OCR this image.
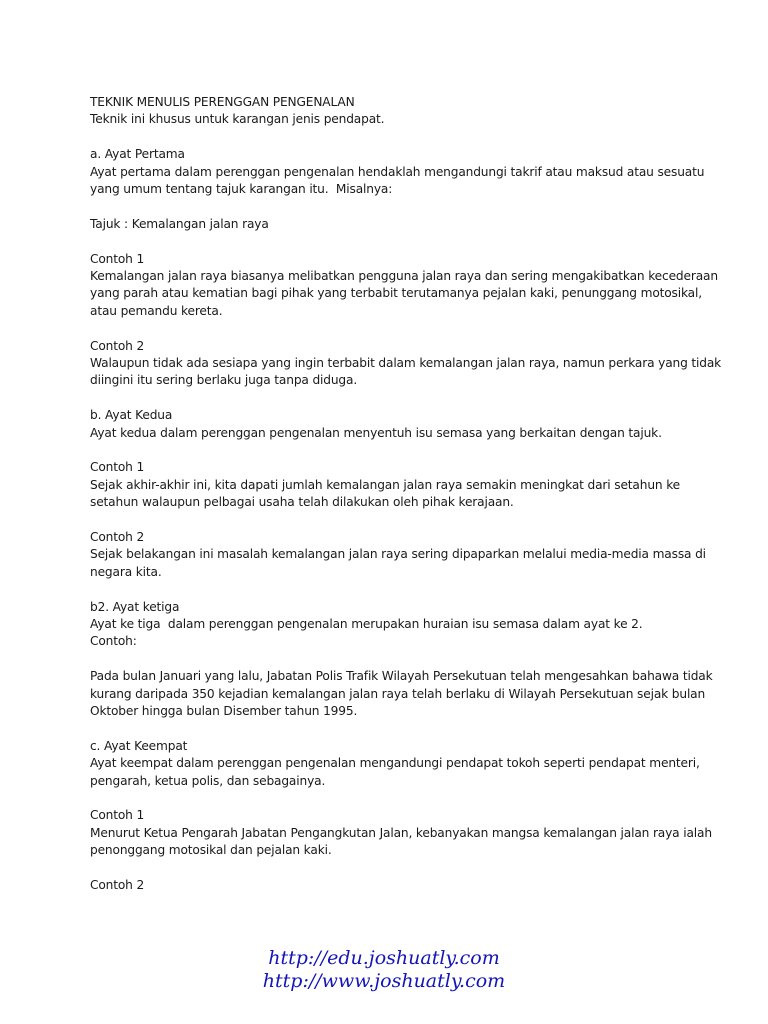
TEKNIK MENULIS PERENGGAN PENGENALAN
Teknik ini khusus untuk karangan jenis pendapat.
a. Ayat Pertama
Ayat pertama dalam perenggan pengenalan hendaklah mengandungi takrif atau maksud atau sesuatu
yang umum tentang tajuk karangan itu.  Misalnya:
Tajuk : Kemalangan jalan raya
Contoh 1
Kemalangan jalan raya biasanya melibatkan pengguna jalan raya dan sering mengakibatkan kecederaan
yang parah atau kematian bagi pihak yang terbabit terutamanya pejalan kaki, penunggang motosikal,
atau pemandu kereta.
Contoh 2
Walaupun tidak ada sesiapa yang ingin terbabit dalam kemalangan jalan raya, namun perkara yang tidak
diingini itu sering berlaku juga tanpa diduga.
b. Ayat Kedua
Ayat kedua dalam perenggan pengenalan menyentuh isu semasa yang berkaitan dengan tajuk.
Contoh 1
Sejak akhir-akhir ini, kita dapati jumlah kemalangan jalan raya semakin meningkat dari setahun ke
setahun walaupun pelbagai usaha telah dilakukan oleh pihak kerajaan.
Contoh 2
Sejak belakangan ini masalah kemalangan jalan raya sering dipaparkan melalui media-media massa di
negara kita.
b2. Ayat ketiga
Ayat ke tiga  dalam perenggan pengenalan merupakan huraian isu semasa dalam ayat ke 2.
Contoh:
Pada bulan Januari yang lalu, Jabatan Polis Trafik Wilayah Persekutuan telah mengesahkan bahawa tidak
kurang daripada 350 kejadian kemalangan jalan raya telah berlaku di Wilayah Persekutuan sejak bulan
Oktober hingga bulan Disember tahun 1995.
c. Ayat Keempat
Ayat keempat dalam perenggan pengenalan mengandungi pendapat tokoh seperti pendapat menteri,
pengarah, ketua polis, dan sebagainya.
Contoh 1
Menurut Ketua Pengarah Jabatan Pengangkutan Jalan, kebanyakan mangsa kemalangan jalan raya ialah
penonggang motosikal dan pejalan kaki.
Contoh 2
http://edu.joshuatly.com
http://www.joshuatly.com
